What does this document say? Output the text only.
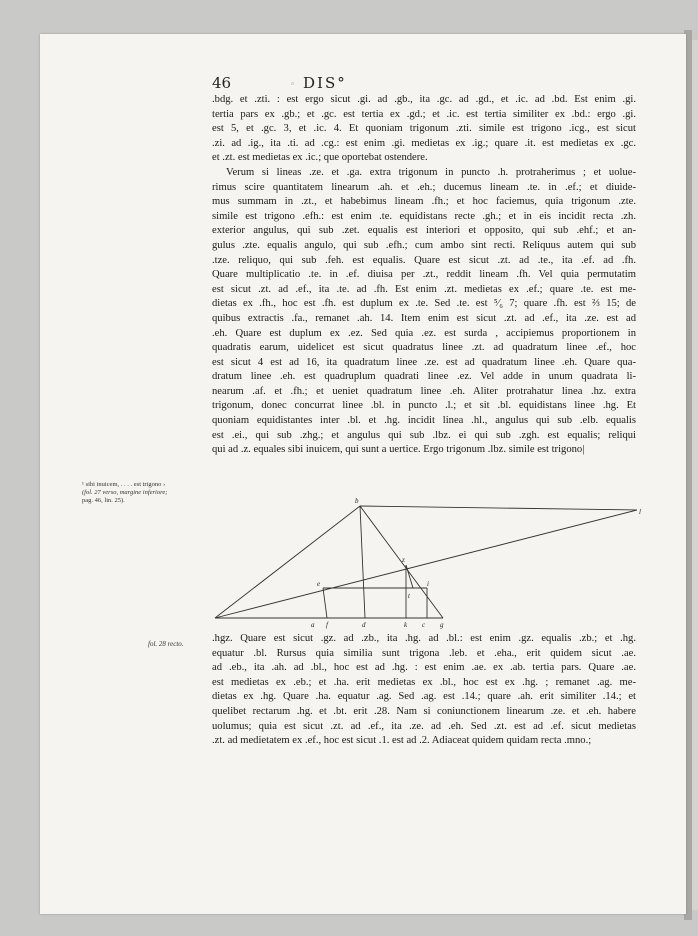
46	◦ DIS°
.bdg. et .zti. : est ergo sicut .gi. ad .gb., ita .gc. ad .gd., et .ic. ad .bd. Est enim .gi.
tertia pars ex .gb.; et .gc. est tertia ex .gd.; et .ic. est tertia similiter ex .bd.: ergo .gi.
est 5, et .gc. 3, et .ic. 4. Et quoniam trigonum .zti. simile est trigono .icg., est sicut
.zi. ad .ig., ita .ti. ad .cg.: est enim .gi. medietas ex .ig.; quare .it. est medietas ex .gc.
et .zt. est medietas ex .ic.; que oportebat ostendere.
Verum si lineas .ze. et .ga. extra trigonum in puncto .h. protraherimus ; et uolue-
rimus scire quantitatem linearum .ah. et .eh.; ducemus lineam .te. in .ef.; et diuide-
mus summam in .zt., et habebimus lineam .fh.; et hoc faciemus, quia trigonum .zte.
simile est trigono .efh.: est enim .te. equidistans recte .gh.; et in eis incidit recta .zh.
exterior angulus, qui sub .zet. equalis est interiori et opposito, qui sub .ehf.; et an-
gulus .zte. equalis angulo, qui sub .efh.; cum ambo sint recti. Reliquus autem qui sub
.tze. reliquo, qui sub .feh. est equalis. Quare est sicut .zt. ad .te., ita .ef. ad .fh.
Quare multiplicatio .te. in .ef. diuisa per .zt., reddit lineam .fh. Vel quia permutatim
est sicut .zt. ad .ef., ita .te. ad .fh. Est enim .zt. medietas ex .ef.; quare .te. est me-
dietas ex .fh., hoc est .fh. est duplum ex .te. Sed .te. est ⁵⁄₆ 7; quare .fh. est ⅔ 15; de
quibus extractis .fa., remanet .ah. 14. Item enim est sicut .zt. ad .ef., ita .ze. est ad
.eh. Quare est duplum ex .ez. Sed quia .ez. est surda , accipiemus proportionem in
quadratis earum, uidelicet est sicut quadratus linee .zt. ad quadratum linee .ef., hoc
est sicut 4 est ad 16, ita quadratum linee .ze. est ad quadratum linee .eh. Quare qua-
dratum linee .eh. est quadruplum quadrati linee .ez. Vel adde in unum quadrata li-
nearum .af. et .fh.; et ueniet quadratum linee .eh. Aliter protrahatur linea .hz. extra
trigonum, donec concurrat linee .bl. in puncto .l.; et sit .bl. equidistans linee .hg. Et
quoniam equidistantes inter .bl. et .hg. incidit linea .hl., angulus qui sub .elb. equalis
est .ei., qui sub .zhg.; et angulus qui sub .lbz. ei qui sub .zgh. est equalis; reliqui
qui ad .z. equales sibi inuicem, qui sunt a uertice. Ergo trigonum .lbz. simile est trigono|
¹ sibi inuicem, . . . . est trigono ›
(fol. 27 verso, margine inferiore;
pag. 46, lin. 25).	b
l
z
e	i
t
a f	d	k c g
fol. 28 recto.	.hgz. Quare est sicut .gz. ad .zb., ita .hg. ad .bl.: est enim .gz. equalis .zb.; et .hg.
equatur .bl. Rursus quia similia sunt trigona .leb. et .eha., erit quidem sicut .ae.
ad .eb., ita .ah. ad .bl., hoc est ad .hg. : est enim .ae. ex .ab. tertia pars. Quare .ae.
est medietas ex .eb.; et .ha. erit medietas ex .bl., hoc est ex .hg. ; remanet .ag. me-
dietas ex .hg. Quare .ha. equatur .ag. Sed .ag. est .14.; quare .ah. erit similiter .14.; et
quelibet rectarum .hg. et .bt. erit .28. Nam si coniunctionem linearum .ze. et .eh. habere
uolumus; quia est sicut .zt. ad .ef., ita .ze. ad .eh. Sed .zt. est ad .ef. sicut medietas
.zt. ad medietatem ex .ef., hoc est sicut .1. est ad .2. Adiaceat quidem quidam recta .mno.;
